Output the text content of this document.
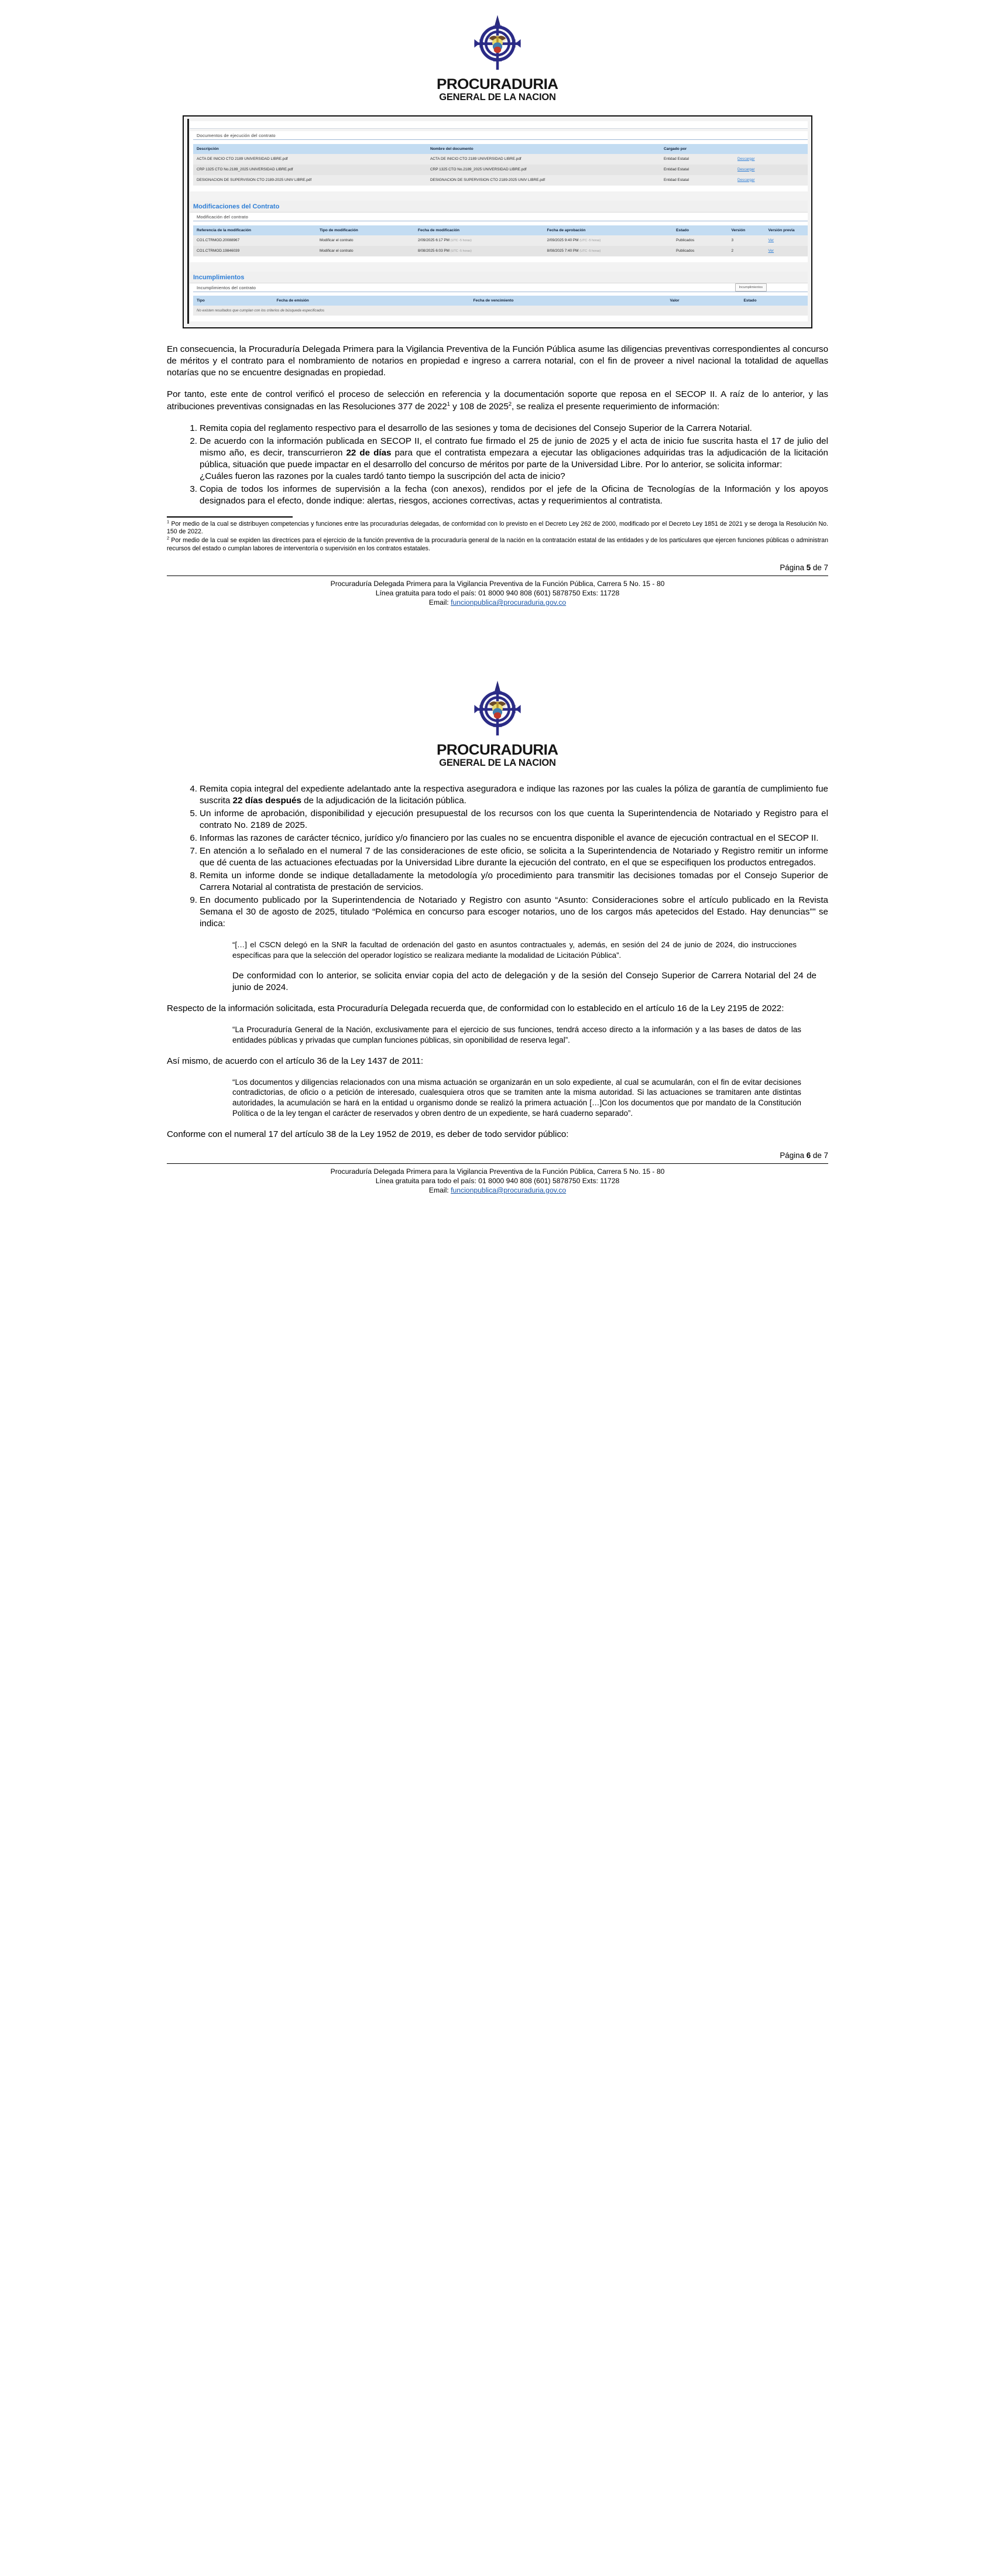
PROCURADURIA
GENERAL DE LA NACION
Documentos de ejecución del contrato
Descripción	Nombre del documento	Cargado por	
ACTA DE INICIO CTO 2189 UNIVERSIDAD LIBRE.pdf	ACTA DE INICIO CTO 2189 UNIVERSIDAD LIBRE.pdf	Entidad Estatal	Descargar
CRP 1325 CTO No.2189_2025 UNIVERSIDAD LIBRE.pdf	CRP 1325 CTO No.2189_2025 UNIVERSIDAD LIBRE.pdf	Entidad Estatal	Descargar
DESIGNACION DE SUPERVISION CTO 2189-2025 UNIV LIBRE.pdf	DESIGNACION DE SUPERVISION CTO 2189-2025 UNIV LIBRE.pdf	Entidad Estatal	Descargar
Modificaciones del Contrato
Modificación del contrato
Referencia de la modificación	Tipo de modificación	Fecha de modificación	Fecha de aprobación	Estado	Versión	Versión previa
CO1.CTRMOD.20088967	Modificar el contrato	2/09/2025 6:17 PM (UTC -5 horas)	2/09/2025 9:40 PM (UTC -5 horas)	Publicados	3	Ver
CO1.CTRMOD.19846039	Modificar el contrato	8/08/2025 6:03 PM (UTC -5 horas)	8/08/2025 7:40 PM (UTC -5 horas)	Publicados	2	Ver
Incumplimientos
Incumplimientos del contrato	Incumplimientos
Tipo	Fecha de emisión	Fecha de vencimiento	Valor	Estado
No existen resultados que cumplan con los criterios de búsqueda especificados

En consecuencia, la Procuraduría Delegada Primera para la Vigilancia Preventiva de la Función Pública asume las diligencias preventivas correspondientes al concurso de méritos y el contrato para el nombramiento de notarios en propiedad e ingreso a carrera notarial, con el fin de proveer a nivel nacional la totalidad de aquellas notarías que no se encuentre designadas en propiedad.

Por tanto, este ente de control verificó el proceso de selección en referencia y la documentación soporte que reposa en el SECOP II. A raíz de lo anterior, y las atribuciones preventivas consignadas en las Resoluciones 377 de 2022$^1$ y 108 de 2025$^2$, se realiza el presente requerimiento de información:

1. Remita copia del reglamento respectivo para el desarrollo de las sesiones y toma de decisiones del Consejo Superior de la Carrera Notarial.
2. De acuerdo con la información publicada en SECOP II, el contrato fue firmado el 25 de junio de 2025 y el acta de inicio fue suscrita hasta el 17 de julio del mismo año, es decir, transcurrieron 22 de días para que el contratista empezara a ejecutar las obligaciones adquiridas tras la adjudicación de la licitación pública, situación que puede impactar en el desarrollo del concurso de méritos por parte de la Universidad Libre. Por lo anterior, se solicita informar:
¿Cuáles fueron las razones por la cuales tardó tanto tiempo la suscripción del acta de inicio?
3. Copia de todos los informes de supervisión a la fecha (con anexos), rendidos por el jefe de la Oficina de Tecnologías de la Información y los apoyos designados para el efecto, donde indique: alertas, riesgos, acciones correctivas, actas y requerimientos al contratista.

$^1$ Por medio de la cual se distribuyen competencias y funciones entre las procuradurías delegadas, de conformidad con lo previsto en el Decreto Ley 262 de 2000, modificado por el Decreto Ley 1851 de 2021 y se deroga la Resolución No. 150 de 2022.

$^2$ Por medio de la cual se expiden las directrices para el ejercicio de la función preventiva de la procuraduría general de la nación en la contratación estatal de las entidades y de los particulares que ejercen funciones públicas o administran recursos del estado o cumplan labores de interventoría o supervisión en los contratos estatales.

Página 5 de 7
Procuraduría Delegada Primera para la Vigilancia Preventiva de la Función Pública, Carrera 5 No. 15 - 80
Línea gratuita para todo el país: 01 8000 940 808 (601) 5878750 Exts: 11728
Email: funcionpublica@procuraduria.gov.co
PROCURADURIA
GENERAL DE LA NACION
4. Remita copia integral del expediente adelantado ante la respectiva aseguradora e indique las razones por las cuales la póliza de garantía de cumplimiento fue suscrita 22 días después de la adjudicación de la licitación pública.
5. Un informe de aprobación, disponibilidad y ejecución presupuestal de los recursos con los que cuenta la Superintendencia de Notariado y Registro para el contrato No. 2189 de 2025.
6. Informas las razones de carácter técnico, jurídico y/o financiero por las cuales no se encuentra disponible el avance de ejecución contractual en el SECOP II.
7. En atención a lo señalado en el numeral 7 de las consideraciones de este oficio, se solicita a la Superintendencia de Notariado y Registro remitir un informe que dé cuenta de las actuaciones efectuadas por la Universidad Libre durante la ejecución del contrato, en el que se especifiquen los productos entregados.
8. Remita un informe donde se indique detalladamente la metodología y/o procedimiento para transmitir las decisiones tomadas por el Consejo Superior de Carrera Notarial al contratista de prestación de servicios.
9. En documento publicado por la Superintendencia de Notariado y Registro con asunto “Asunto: Consideraciones sobre el artículo publicado en la Revista Semana el 30 de agosto de 2025, titulado “Polémica en concurso para escoger notarios, uno de los cargos más apetecidos del Estado. Hay denuncias”” se indica:
“[…] el CSCN delegó en la SNR la facultad de ordenación del gasto en asuntos contractuales y, además, en sesión del 24 de junio de 2024, dio instrucciones específicas para que la selección del operador logístico se realizara mediante la modalidad de Licitación Pública”.
De conformidad con lo anterior, se solicita enviar copia del acto de delegación y de la sesión del Consejo Superior de Carrera Notarial del 24 de junio de 2024.

Respecto de la información solicitada, esta Procuraduría Delegada recuerda que, de conformidad con lo establecido en el artículo 16 de la Ley 2195 de 2022:

“La Procuraduría General de la Nación, exclusivamente para el ejercicio de sus funciones, tendrá acceso directo a la información y a las bases de datos de las entidades públicas y privadas que cumplan funciones públicas, sin oponibilidad de reserva legal”.

Así mismo, de acuerdo con el artículo 36 de la Ley 1437 de 2011:

“Los documentos y diligencias relacionados con una misma actuación se organizarán en un solo expediente, al cual se acumularán, con el fin de evitar decisiones contradictorias, de oficio o a petición de interesado, cualesquiera otros que se tramiten ante la misma autoridad. Si las actuaciones se tramitaren ante distintas autoridades, la acumulación se hará en la entidad u organismo donde se realizó la primera actuación […]Con los documentos que por mandato de la Constitución Política o de la ley tengan el carácter de reservados y obren dentro de un expediente, se hará cuaderno separado”.

Conforme con el numeral 17 del artículo 38 de la Ley 1952 de 2019, es deber de todo servidor público:

Página 6 de 7
Procuraduría Delegada Primera para la Vigilancia Preventiva de la Función Pública, Carrera 5 No. 15 - 80
Línea gratuita para todo el país: 01 8000 940 808 (601) 5878750 Exts: 11728
Email: funcionpublica@procuraduria.gov.co
